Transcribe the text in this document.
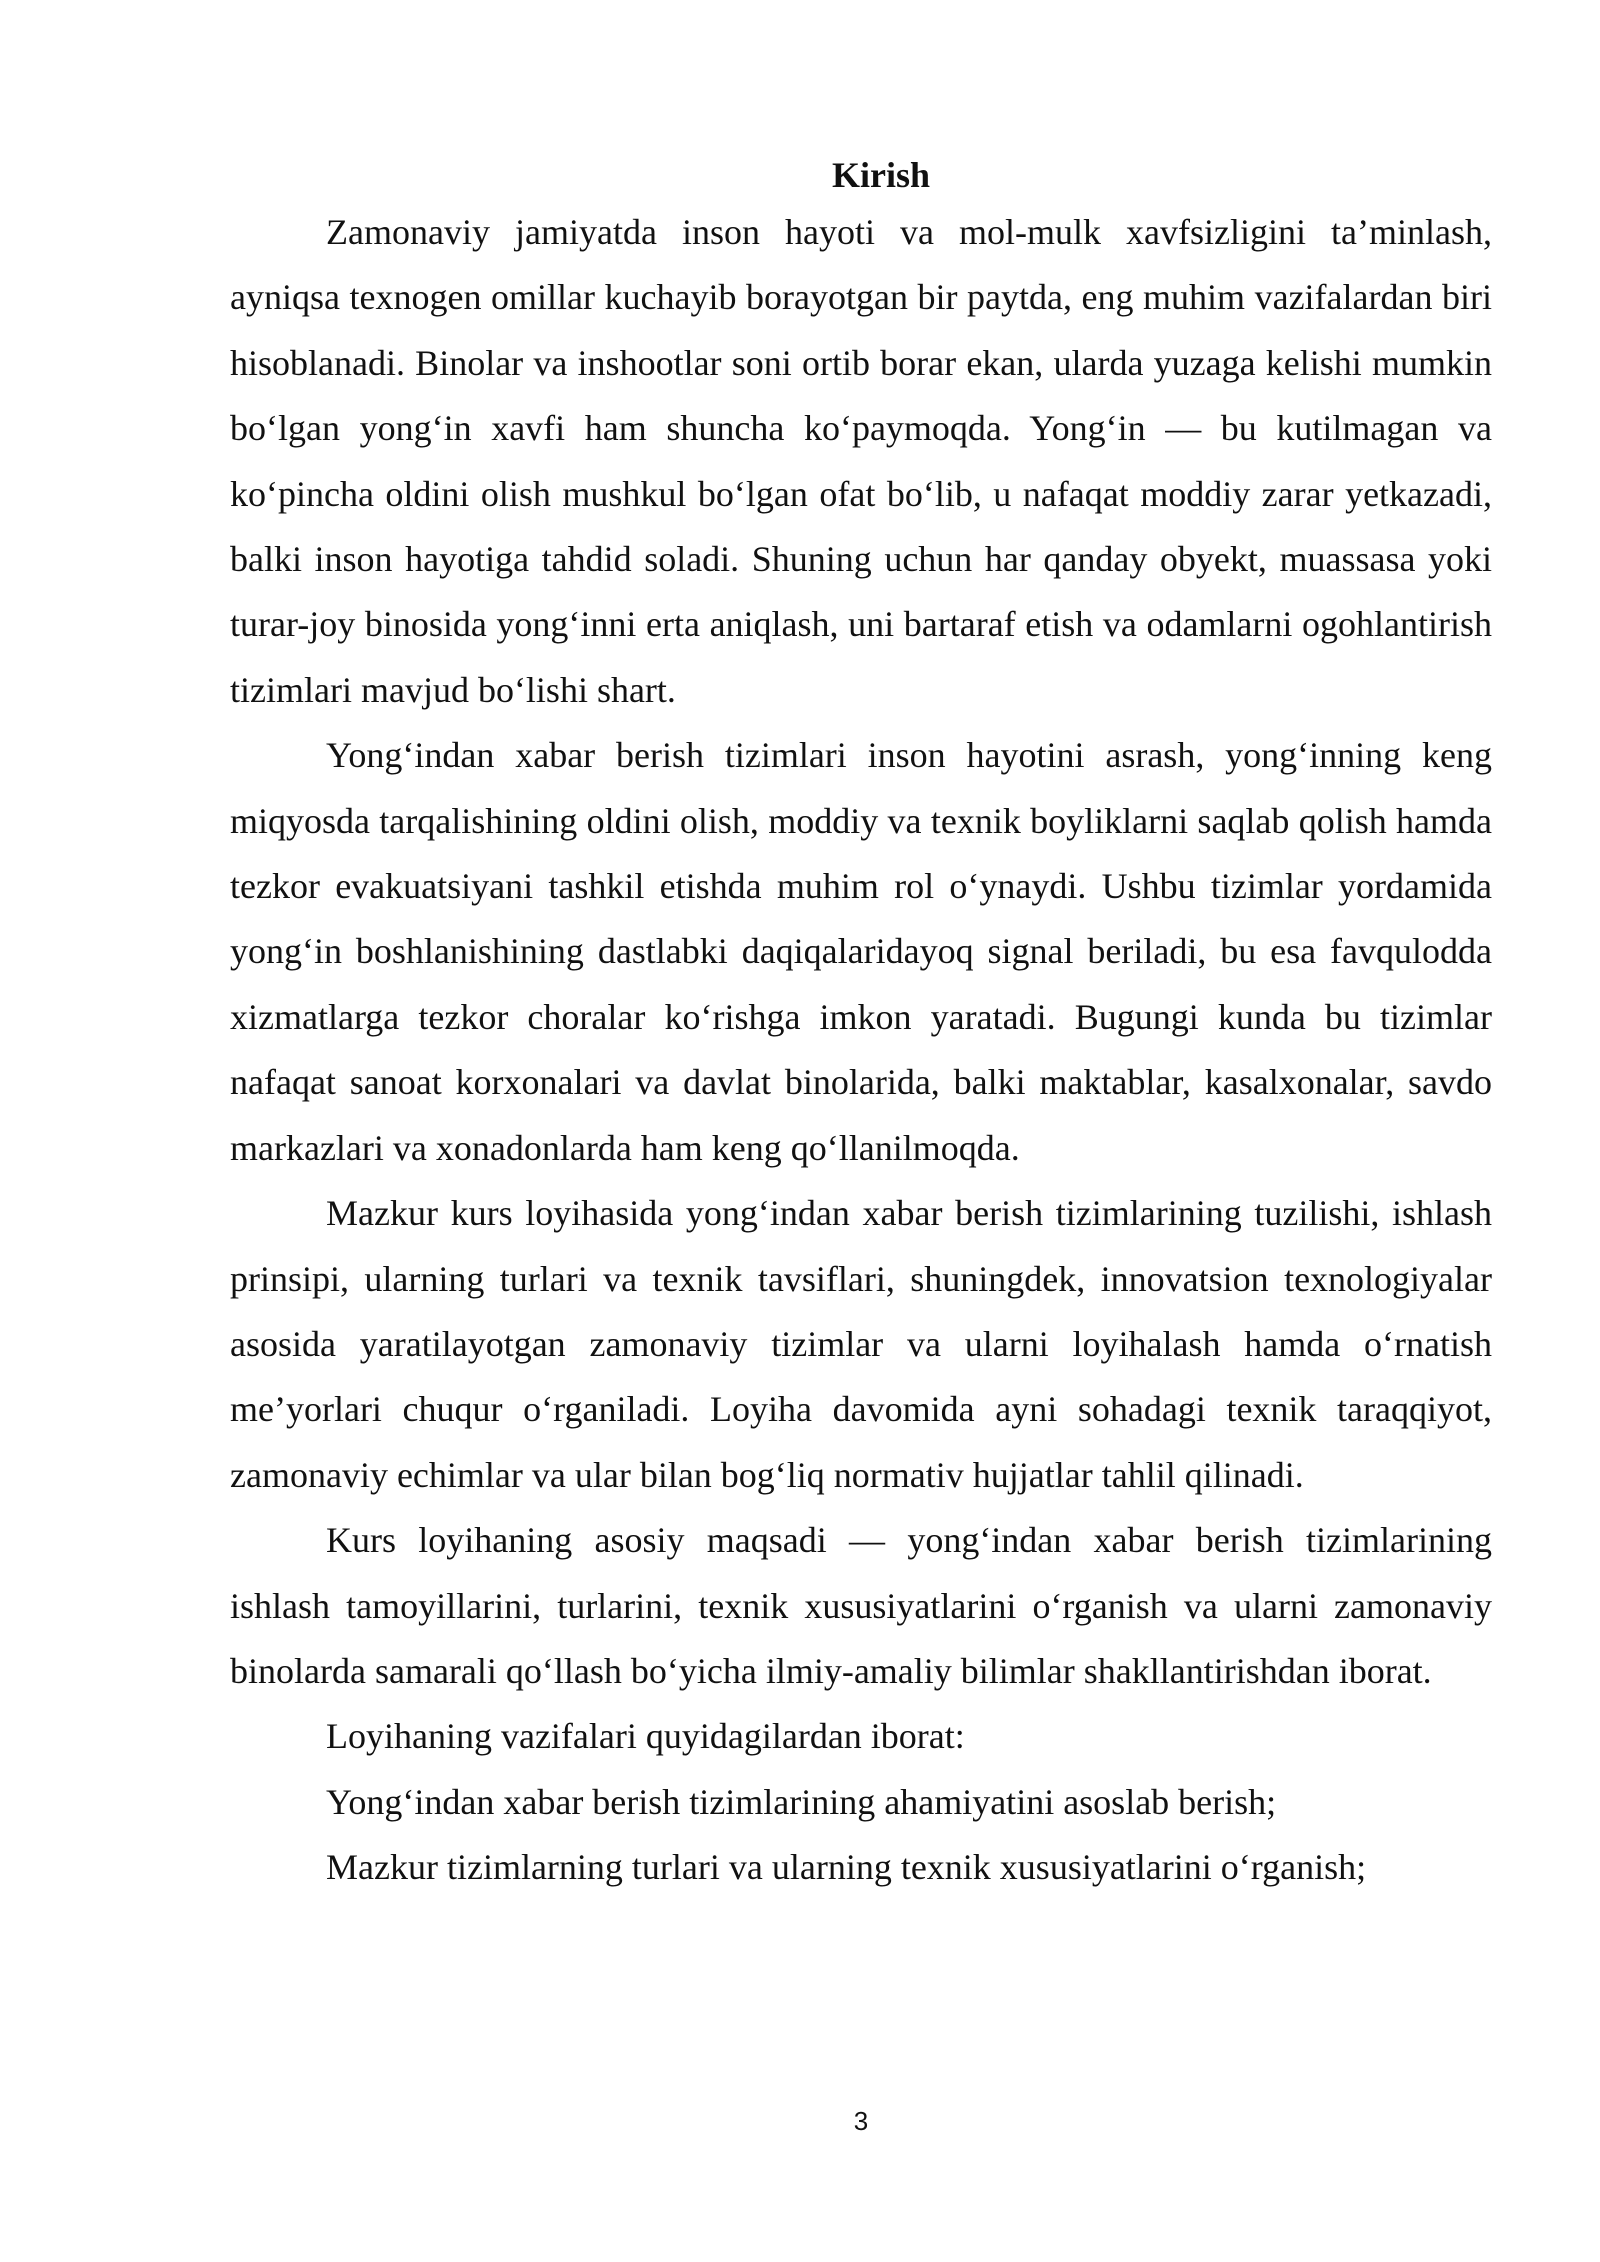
Kirish

Zamonaviy jamiyatda inson hayoti va mol-mulk xavfsizligini ta’minlash, ayniqsa texnogen omillar kuchayib borayotgan bir paytda, eng muhim vazifalardan biri hisoblanadi. Binolar va inshootlar soni ortib borar ekan, ularda yuzaga kelishi mumkin bo‘lgan yong‘in xavfi ham shuncha ko‘paymoqda. Yong‘in — bu kutilmagan va ko‘pincha oldini olish mushkul bo‘lgan ofat bo‘lib, u nafaqat moddiy zarar yetkazadi, balki inson hayotiga tahdid soladi. Shuning uchun har qanday obyekt, muassasa yoki turar-joy binosida yong‘inni erta aniqlash, uni bartaraf etish va odamlarni ogohlantirish tizimlari mavjud bo‘lishi shart.

Yong‘indan xabar berish tizimlari inson hayotini asrash, yong‘inning keng miqyosda tarqalishining oldini olish, moddiy va texnik boyliklarni saqlab qolish hamda tezkor evakuatsiyani tashkil etishda muhim rol o‘ynaydi. Ushbu tizimlar yordamida yong‘in boshlanishining dastlabki daqiqalaridayoq signal beriladi, bu esa favqulodda xizmatlarga tezkor choralar ko‘rishga imkon yaratadi. Bugungi kunda bu tizimlar nafaqat sanoat korxonalari va davlat binolarida, balki maktablar, kasalxonalar, savdo markazlari va xonadonlarda ham keng qo‘llanilmoqda.

Mazkur kurs loyihasida yong‘indan xabar berish tizimlarining tuzilishi, ishlash prinsipi, ularning turlari va texnik tavsiflari, shuningdek, innovatsion texnologiyalar asosida yaratilayotgan zamonaviy tizimlar va ularni loyihalash hamda o‘rnatish me’yorlari chuqur o‘rganiladi. Loyiha davomida ayni sohadagi texnik taraqqiyot, zamonaviy echimlar va ular bilan bog‘liq normativ hujjatlar tahlil qilinadi.

Kurs loyihaning asosiy maqsadi — yong‘indan xabar berish tizimlarining ishlash tamoyillarini, turlarini, texnik xususiyatlarini o‘rganish va ularni zamonaviy binolarda samarali qo‘llash bo‘yicha ilmiy-amaliy bilimlar shakllantirishdan iborat.

Loyihaning vazifalari quyidagilardan iborat:

Yong‘indan xabar berish tizimlarining ahamiyatini asoslab berish;

Mazkur tizimlarning turlari va ularning texnik xususiyatlarini o‘rganish;

3
